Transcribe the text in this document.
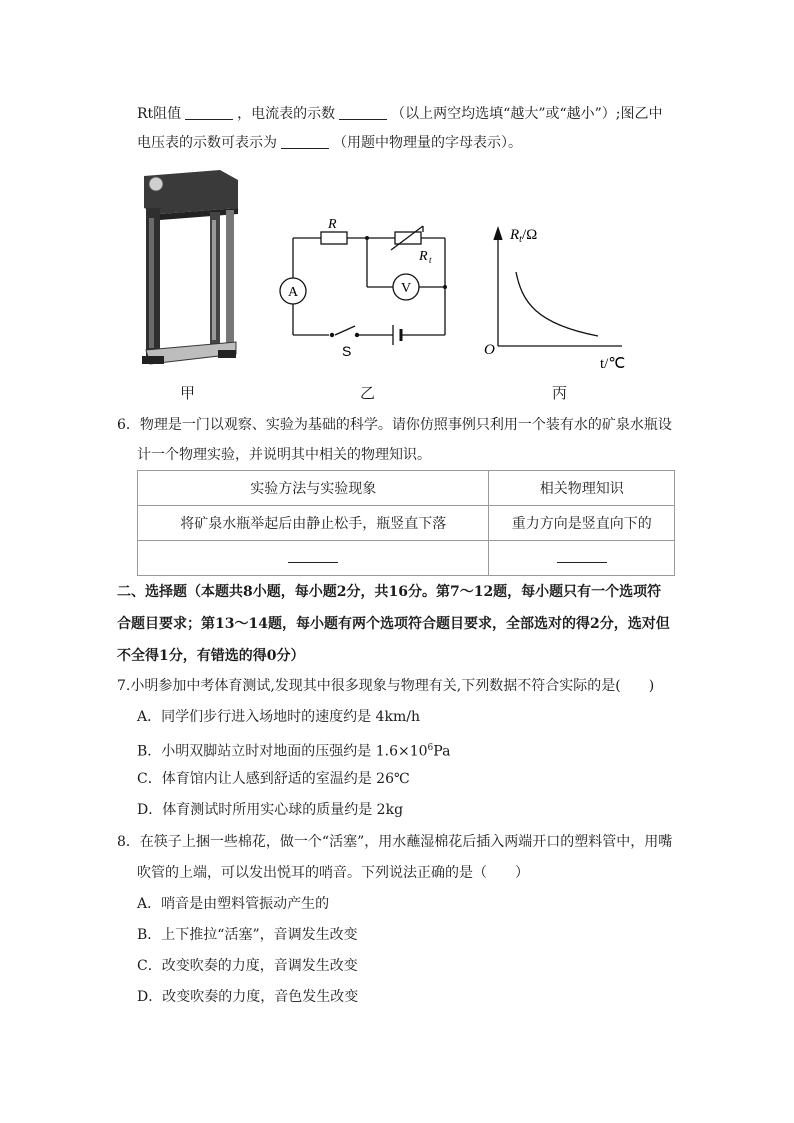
Rt阻值	，电流表的示数	（以上两空均选填“越大”或“越小”）;图乙中
电压表的示数可表示为	（用题中物理量的字母表示）。
R
R t
A	V
S
$R_t/\Omega$
O
t/℃
甲	乙	丙
6．物理是一门以观察、实验为基础的科学。请你仿照事例只利用一个装有水的矿泉水瓶设
计一个物理实验，并说明其中相关的物理知识。
实验方法与实验现象	相关物理知识
将矿泉水瓶举起后由静止松手，瓶竖直下落	重力方向是竖直向下的

二、选择题（本题共8小题，每小题2分，共16分。第7～12题，每小题只有一个选项符
合题目要求；第13～14题，每小题有两个选项符合题目要求，全部选对的得2分，选对但
不全得1分，有错选的得0分）
7.小明参加中考体育测试,发现其中很多现象与物理有关,下列数据不符合实际的是(　　)
A．同学们步行进入场地时的速度约是 4km/h
B．小明双脚站立时对地面的压强约是 $1.6\times 10^6Pa$
C．体育馆内让人感到舒适的室温约是 26℃
D．体育测试时所用实心球的质量约是 2kg
8．在筷子上捆一些棉花，做一个“活塞”，用水蘸湿棉花后插入两端开口的塑料管中，用嘴
吹管的上端，可以发出悦耳的哨音。下列说法正确的是（　　）
A．哨音是由塑料管振动产生的
B．上下推拉“活塞”，音调发生改变
C．改变吹奏的力度，音调发生改变
D．改变吹奏的力度，音色发生改变
